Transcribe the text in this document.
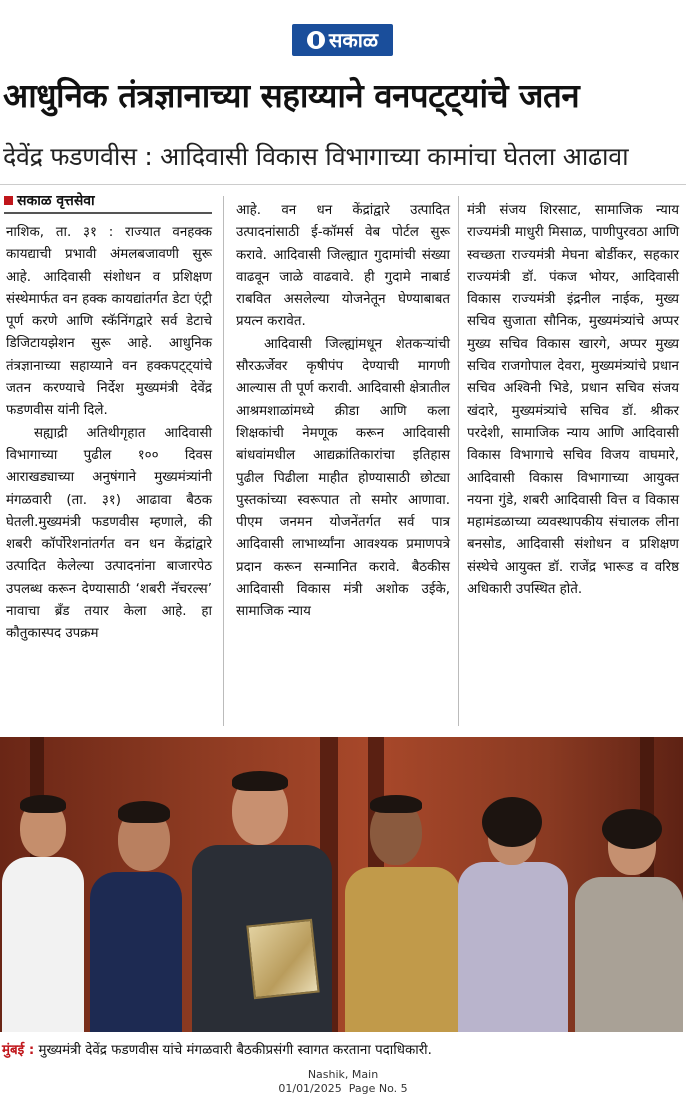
सकाळ
आधुनिक तंत्रज्ञानाच्या सहाय्याने वनपट्ट्यांचे जतन
देवेंद्र फडणवीस : आदिवासी विकास विभागाच्या कामांचा घेतला आढावा
सकाळ वृत्तसेवा

नाशिक, ता. ३१ : राज्यात वनहक्क कायद्याची प्रभावी अंमलबजावणी सुरू आहे. आदिवासी संशोधन व प्रशिक्षण संस्थेमार्फत वन हक्क कायद्यांतर्गत डेटा एंट्री पूर्ण करणे आणि स्कॅनिंगद्वारे सर्व डेटाचे डिजिटायझेशन सुरू आहे. आधुनिक तंत्रज्ञानाच्या सहाय्याने वन हक्कपट्ट्यांचे जतन करण्याचे निर्देश मुख्यमंत्री देवेंद्र फडणवीस यांनी दिले.

सह्याद्री अतिथीगृहात आदिवासी विभागाच्या पुढील १०० दिवस आराखड्याच्या अनुषंगाने मुख्यमंत्र्यांनी मंगळवारी (ता. ३१) आढावा बैठक घेतली.मुख्यमंत्री फडणवीस म्हणाले, की शबरी कॉर्पोरेशनांतर्गत वन धन केंद्रांद्वारे उत्पादित केलेल्या उत्पादनांना बाजारपेठ उपलब्ध करून देण्यासाठी ‘शबरी नॅचरल्स’ नावाचा ब्रँड तयार केला आहे. हा कौतुकास्पद उपक्रम

आहे. वन धन केंद्रांद्वारे उत्पादित उत्पादनांसाठी ई-कॉमर्स वेब पोर्टल सुरू करावे. आदिवासी जिल्ह्यात गुदामांची संख्या वाढवून जाळे वाढवावे. ही गुदामे नाबार्ड राबवित असलेल्या योजनेतून घेण्याबाबत प्रयत्न करावेत.

आदिवासी जिल्ह्यांमधून शेतकऱ्यांची सौरऊर्जेवर कृषीपंप देण्याची मागणी आल्यास ती पूर्ण करावी. आदिवासी क्षेत्रातील आश्रमशाळांमध्ये क्रीडा आणि कला शिक्षकांची नेमणूक करून आदिवासी बांधवांमधील आद्यक्रांतिकारांचा इतिहास पुढील पिढीला माहीत होण्यासाठी छोट्या पुस्तकांच्या स्वरूपात तो समोर आणावा. पीएम जनमन योजनेंतर्गत सर्व पात्र आदिवासी लाभार्थ्यांना आवश्यक प्रमाणपत्रे प्रदान करून सन्मानित करावे. बैठकीस आदिवासी विकास मंत्री अशोक उईके, सामाजिक न्याय

मंत्री संजय शिरसाट, सामाजिक न्याय राज्यमंत्री माधुरी मिसाळ, पाणीपुरवठा आणि स्वच्छता राज्यमंत्री मेघना बोर्डीकर, सहकार राज्यमंत्री डॉ. पंकज भोयर, आदिवासी विकास राज्यमंत्री इंद्रनील नाईक, मुख्य सचिव सुजाता सौनिक, मुख्यमंत्र्यांचे अप्पर मुख्य सचिव विकास खारगे, अप्पर मुख्य सचिव राजगोपाल देवरा, मुख्यमंत्र्यांचे प्रधान सचिव अश्विनी भिडे, प्रधान सचिव संजय खंदारे, मुख्यमंत्र्यांचे सचिव डॉ. श्रीकर परदेशी, सामाजिक न्याय आणि आदिवासी विकास विभागाचे सचिव विजय वाघमारे, आदिवासी विकास विभागाच्या आयुक्त नयना गुंडे, शबरी आदिवासी वित्त व विकास महामंडळाच्या व्यवस्थापकीय संचालक लीना बनसोड, आदिवासी संशोधन व प्रशिक्षण संस्थेचे आयुक्त डॉ. राजेंद्र भारूड व वरिष्ठ अधिकारी उपस्थित होते.

मुंबई : मुख्यमंत्री देवेंद्र फडणवीस यांचे मंगळवारी बैठकीप्रसंगी स्वागत करताना पदाधिकारी.
Nashik, Main
01/01/2025  Page No. 5
